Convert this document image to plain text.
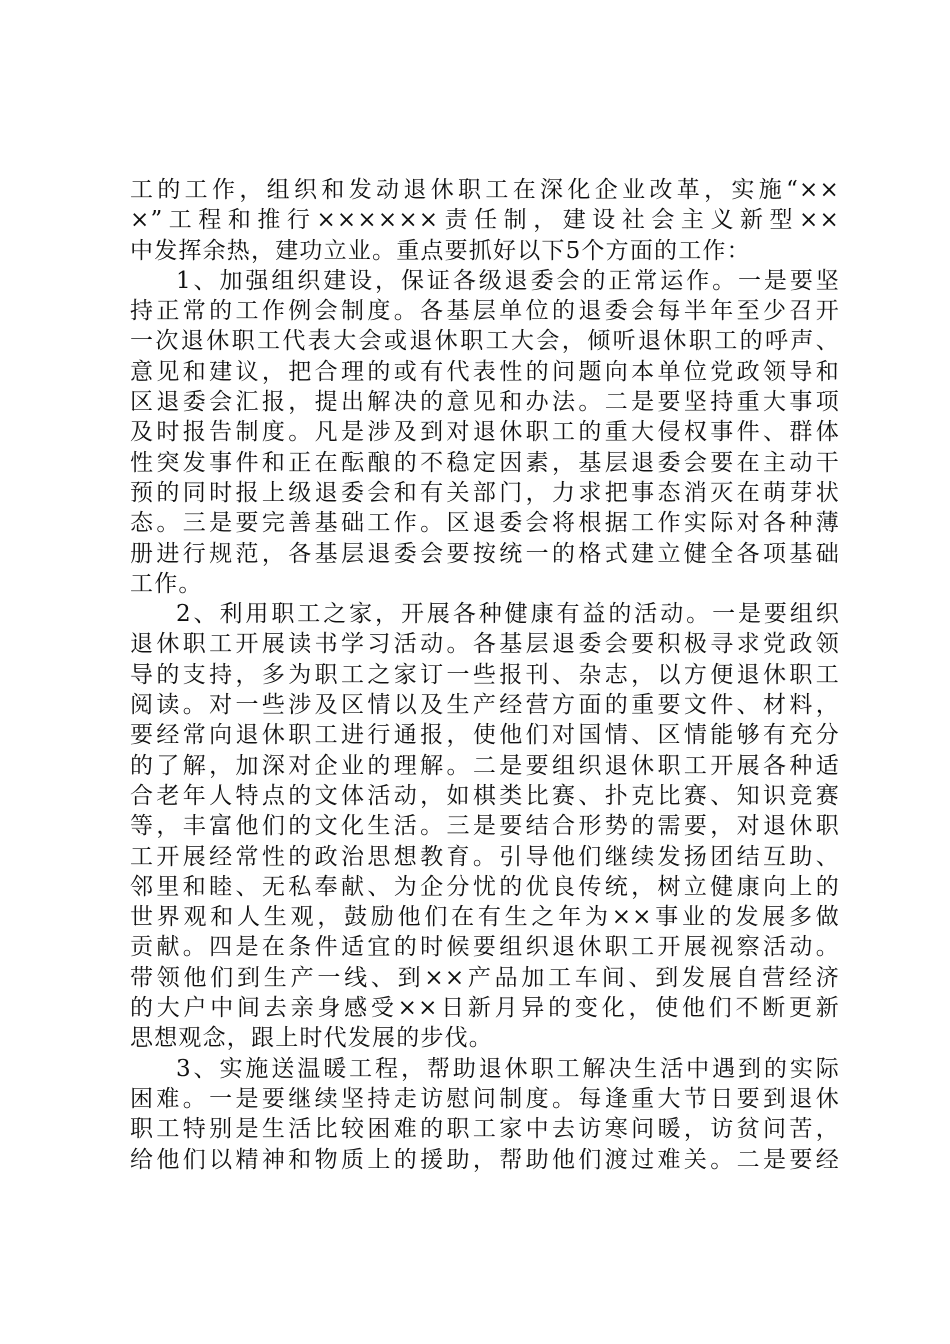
工的工作，组织和发动退休职工在深化企业改革，实施“××
×”工程和推行××××××责任制，建设社会主义新型××
中发挥余热，建功立业。重点要抓好以下5个方面的工作：
1、加强组织建设，保证各级退委会的正常运作。一是要坚
持正常的工作例会制度。各基层单位的退委会每半年至少召开
一次退休职工代表大会或退休职工大会，倾听退休职工的呼声、
意见和建议，把合理的或有代表性的问题向本单位党政领导和
区退委会汇报，提出解决的意见和办法。二是要坚持重大事项
及时报告制度。凡是涉及到对退休职工的重大侵权事件、群体
性突发事件和正在酝酿的不稳定因素，基层退委会要在主动干
预的同时报上级退委会和有关部门，力求把事态消灭在萌芽状
态。三是要完善基础工作。区退委会将根据工作实际对各种薄
册进行规范，各基层退委会要按统一的格式建立健全各项基础
工作。
2、利用职工之家，开展各种健康有益的活动。一是要组织
退休职工开展读书学习活动。各基层退委会要积极寻求党政领
导的支持，多为职工之家订一些报刊、杂志，以方便退休职工
阅读。对一些涉及区情以及生产经营方面的重要文件、材料，
要经常向退休职工进行通报，使他们对国情、区情能够有充分
的了解，加深对企业的理解。二是要组织退休职工开展各种适
合老年人特点的文体活动，如棋类比赛、扑克比赛、知识竞赛
等，丰富他们的文化生活。三是要结合形势的需要，对退休职
工开展经常性的政治思想教育。引导他们继续发扬团结互助、
邻里和睦、无私奉献、为企分忧的优良传统，树立健康向上的
世界观和人生观，鼓励他们在有生之年为××事业的发展多做
贡献。四是在条件适宜的时候要组织退休职工开展视察活动。
带领他们到生产一线、到××产品加工车间、到发展自营经济
的大户中间去亲身感受××日新月异的变化，使他们不断更新
思想观念，跟上时代发展的步伐。
3、实施送温暖工程，帮助退休职工解决生活中遇到的实际
困难。一是要继续坚持走访慰问制度。每逢重大节日要到退休
职工特别是生活比较困难的职工家中去访寒问暖，访贫问苦，
给他们以精神和物质上的援助，帮助他们渡过难关。二是要经
